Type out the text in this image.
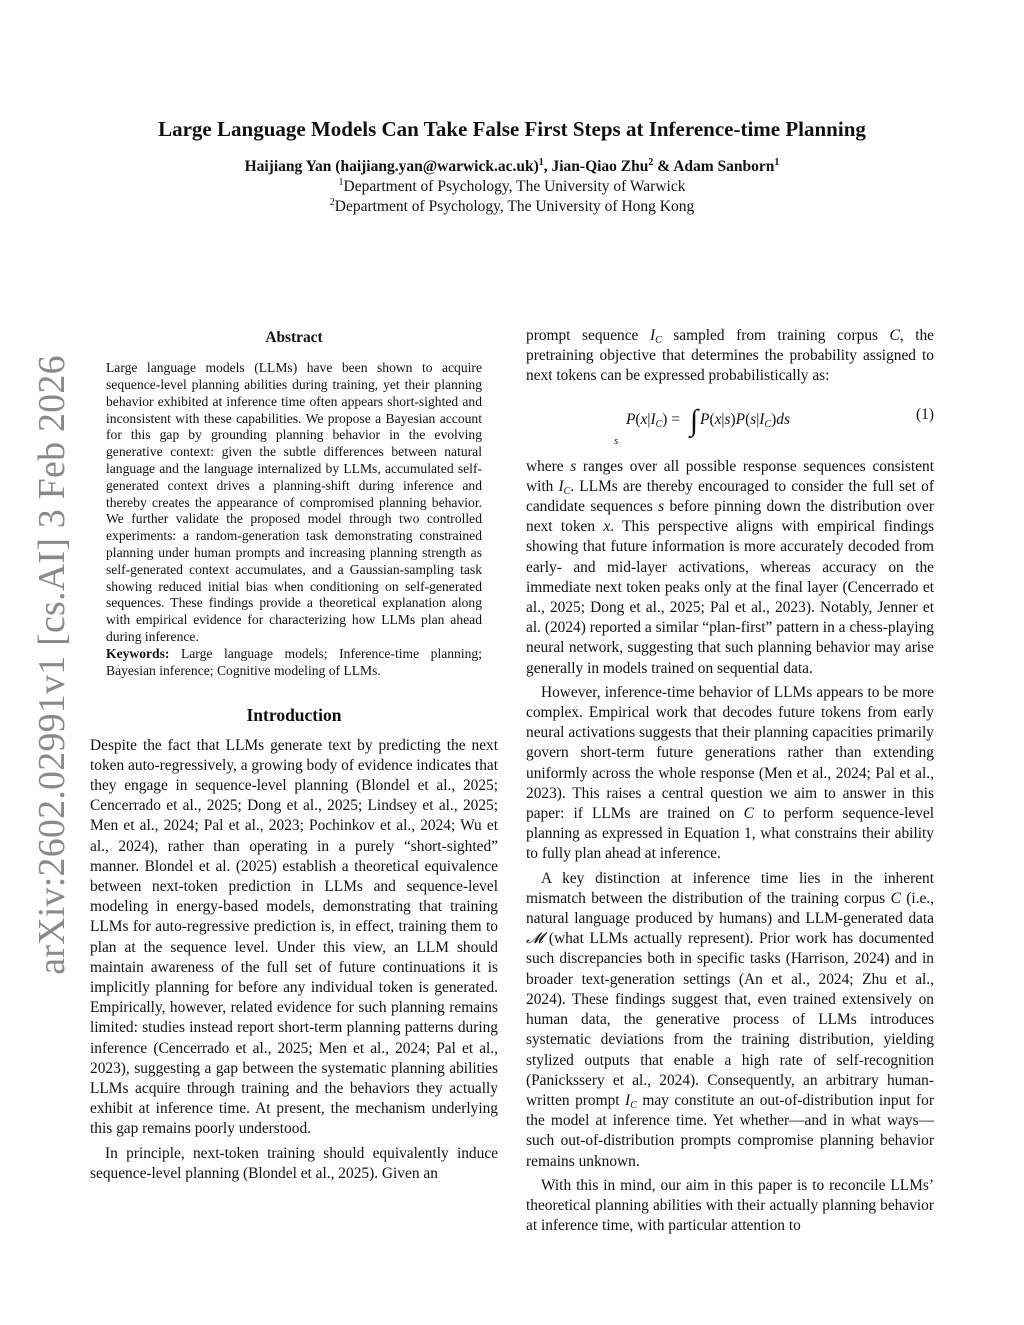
arXiv:2602.02991v1 [cs.AI] 3 Feb 2026
Large Language Models Can Take False First Steps at Inference-time Planning
Haijiang Yan (haijiang.yan@warwick.ac.uk)$^1$, Jian-Qiao Zhu$^2$ & Adam Sanborn$^1$
$^1$Department of Psychology, The University of Warwick
$^2$Department of Psychology, The University of Hong Kong
Abstract

Large language models (LLMs) have been shown to acquire sequence-level planning abilities during training, yet their planning behavior exhibited at inference time often appears short-sighted and inconsistent with these capabilities. We propose a Bayesian account for this gap by grounding planning behavior in the evolving generative context: given the subtle differences between natural language and the language internalized by LLMs, accumulated self-generated context drives a planning-shift during inference and thereby creates the appearance of compromised planning behavior. We further validate the proposed model through two controlled experiments: a random-generation task demonstrating constrained planning under human prompts and increasing planning strength as self-generated context accumulates, and a Gaussian-sampling task showing reduced initial bias when conditioning on self-generated sequences. These findings provide a theoretical explanation along with empirical evidence for characterizing how LLMs plan ahead during inference.

Keywords: Large language models; Inference-time planning; Bayesian inference; Cognitive modeling of LLMs.

Introduction

Despite the fact that LLMs generate text by predicting the next token auto-regressively, a growing body of evidence indicates that they engage in sequence-level planning (Blondel et al., 2025; Cencerrado et al., 2025; Dong et al., 2025; Lindsey et al., 2025; Men et al., 2024; Pal et al., 2023; Pochinkov et al., 2024; Wu et al., 2024), rather than operating in a purely “short-sighted” manner. Blondel et al. (2025) establish a theoretical equivalence between next-token prediction in LLMs and sequence-level modeling in energy-based models, demonstrating that training LLMs for auto-regressive prediction is, in effect, training them to plan at the sequence level. Under this view, an LLM should maintain awareness of the full set of future continuations it is implicitly planning for before any individual token is generated. Empirically, however, related evidence for such planning remains limited: studies instead report short-term planning patterns during inference (Cencerrado et al., 2025; Men et al., 2024; Pal et al., 2023), suggesting a gap between the systematic planning abilities LLMs acquire through training and the behaviors they actually exhibit at inference time. At present, the mechanism underlying this gap remains poorly understood.

In principle, next-token training should equivalently induce sequence-level planning (Blondel et al., 2025). Given an

prompt sequence $I_C$ sampled from training corpus C, the pretraining objective that determines the probability assigned to next tokens can be expressed probabilistically as:

$P(x|I_C)$ = ∫ $P(x|s)P(s|I_C)ds$
s
(1)

where s ranges over all possible response sequences consistent with $I_C$. LLMs are thereby encouraged to consider the full set of candidate sequences s before pinning down the distribution over next token x. This perspective aligns with empirical findings showing that future information is more accurately decoded from early- and mid-layer activations, whereas accuracy on the immediate next token peaks only at the final layer (Cencerrado et al., 2025; Dong et al., 2025; Pal et al., 2023). Notably, Jenner et al. (2024) reported a similar “plan-first” pattern in a chess-playing neural network, suggesting that such planning behavior may arise generally in models trained on sequential data.

However, inference-time behavior of LLMs appears to be more complex. Empirical work that decodes future tokens from early neural activations suggests that their planning capacities primarily govern short-term future generations rather than extending uniformly across the whole response (Men et al., 2024; Pal et al., 2023). This raises a central question we aim to answer in this paper: if LLMs are trained on C to perform sequence-level planning as expressed in Equation 1, what constrains their ability to fully plan ahead at inference.

A key distinction at inference time lies in the inherent mismatch between the distribution of the training corpus C (i.e., natural language produced by humans) and LLM-generated data 𝓜 (what LLMs actually represent). Prior work has documented such discrepancies both in specific tasks (Harrison, 2024) and in broader text-generation settings (An et al., 2024; Zhu et al., 2024). These findings suggest that, even trained extensively on human data, the generative process of LLMs introduces systematic deviations from the training distribution, yielding stylized outputs that enable a high rate of self-recognition (Panickssery et al., 2024). Consequently, an arbitrary human-written prompt $I_C$ may constitute an out-of-distribution input for the model at inference time. Yet whether—and in what ways—such out-of-distribution prompts compromise planning behavior remains unknown.

With this in mind, our aim in this paper is to reconcile LLMs’ theoretical planning abilities with their actually planning behavior at inference time, with particular attention to
